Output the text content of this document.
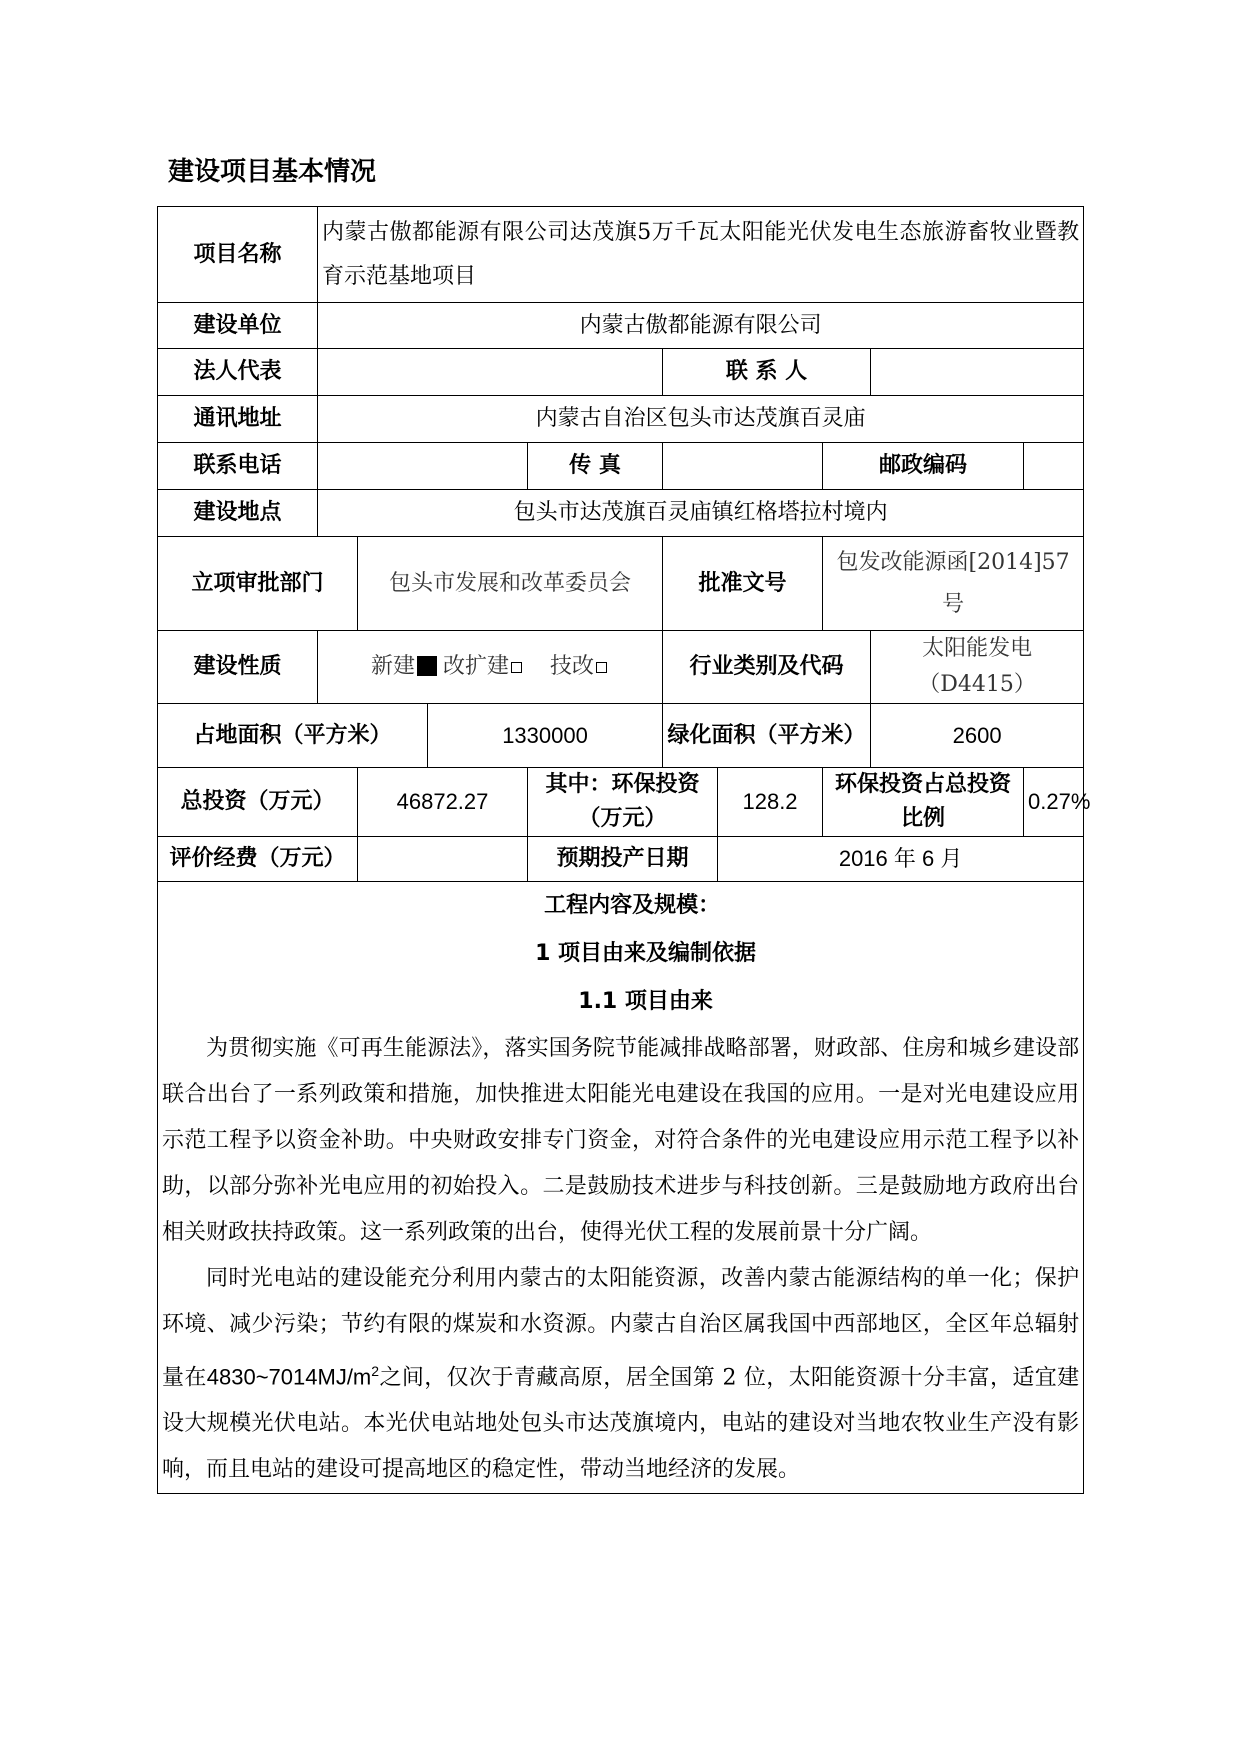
建设项目基本情况
项目名称	内蒙古傲都能源有限公司达茂旗5万千瓦太阳能光伏发电生态旅游畜牧业暨教育示范基地项目								
建设单位	内蒙古傲都能源有限公司								
法人代表					联 系 人				
通讯地址	内蒙古自治区包头市达茂旗百灵庙								
联系电话				传 真			邮政编码		
建设地点	包头市达茂旗百灵庙镇红格塔拉村境内								
立项审批部门		包头市发展和改革委员会			批准文号		包发改能源函[2014]57号		
建设性质	新建 改扩建 技改				行业类别及代码			太阳能发电（D4415）	
占地面积（平方米）			1330000		绿化面积（平方米）			2600	
总投资（万元）		46872.27		其中：环保投资（万元）		128.2	环保投资占总投资比例		0.27%
评价经费（万元）				预期投产日期		2016 年 6 月			

工程内容及规模：
1 项目由来及编制依据
1.1 项目由来

为贯彻实施《可再生能源法》，落实国务院节能减排战略部署，财政部、住房和城乡建设部联合出台了一系列政策和措施，加快推进太阳能光电建设在我国的应用。一是对光电建设应用示范工程予以资金补助。中央财政安排专门资金，对符合条件的光电建设应用示范工程予以补助，以部分弥补光电应用的初始投入。二是鼓励技术进步与科技创新。三是鼓励地方政府出台相关财政扶持政策。这一系列政策的出台，使得光伏工程的发展前景十分广阔。

同时光电站的建设能充分利用内蒙古的太阳能资源，改善内蒙古能源结构的单一化；保护环境、减少污染；节约有限的煤炭和水资源。内蒙古自治区属我国中西部地区，全区年总辐射量在$4830\sim 7014MJ/m^2$之间，仅次于青藏高原，居全国第 2 位，太阳能资源十分丰富，适宜建设大规模光伏电站。本光伏电站地处包头市达茂旗境内，电站的建设对当地农牧业生产没有影响，而且电站的建设可提高地区的稳定性，带动当地经济的发展。									
